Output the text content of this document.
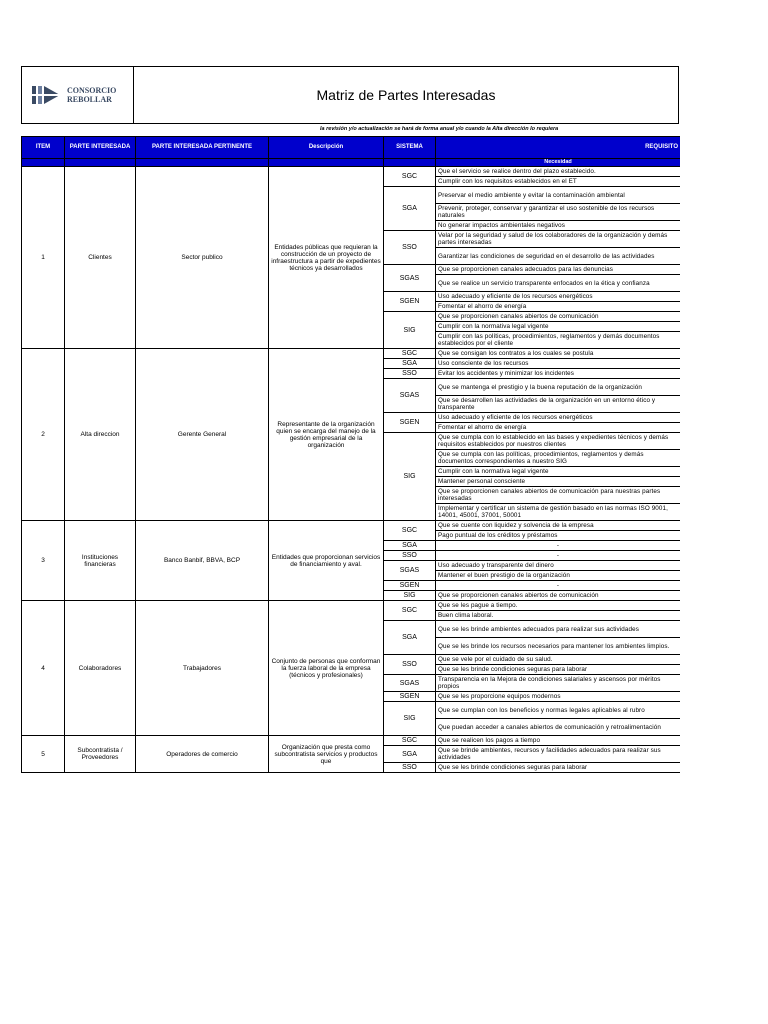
CONSORCIO
REBOLLAR	Matriz de Partes Interesadas
la revisión y/o actualización se hará de forma anual y/o cuando la Alta dirección lo requiera
ITEM	PARTE INTERESADA	PARTE INTERESADA PERTINENTE	Descripción	SISTEMA	REQUISITO

					Necesidad
1	Clientes	Sector publico	Entidades públicas que requieran la construcción de un proyecto de infraestructura a partir de expedientes técnicos ya desarrollados	SGC	Que el servicio se realice dentro del plazo establecido.
					Cumplir con los requisitos establecidos en el ET
				SGA	Preservar el medio ambiente y evitar la contaminación ambiental
					Prevenir, proteger, conservar y garantizar el uso sostenible de los recursos naturales
					No generar impactos ambientales negativos
				SSO	Velar por la seguridad y salud de los colaboradores de la organización y demás partes interesadas
					Garantizar las condiciones de seguridad en el desarrollo de las actividades
				SGAS	Que se proporcionen canales adecuados para las denuncias
					Que se realice un servicio transparente enfocados en la ética y confianza
				SGEN	Uso adecuado y eficiente de los recursos energéticos
					Fomentar el ahorro de energía
				SIG	Que se proporcionen canales abiertos de comunicación
					Cumplir con la normativa legal vigente
					Cumplir con las políticas, procedimientos, reglamentos y demás documentos establecidos por el cliente
2	Alta direccion	Gerente General	Representante de la organización quien se encarga del manejo de la gestión empresarial de la organización	SGC	Que se consigan los contratos a los cuales se postula
				SGA	Uso consciente de los recursos
				SSO	Evitar los accidentes y minimizar los incidentes
				SGAS	Que se mantenga el prestigio y la buena reputación de la organización
					Que se desarrollen las actividades de la organización en un entorno ético y transparente
				SGEN	Uso adecuado y eficiente de los recursos energéticos
					Fomentar el ahorro de energía
				SIG	Que se cumpla con lo establecido en las bases y expedientes técnicos y demás requisitos establecidos por nuestros clientes
					Que se cumpla con las políticas, procedimientos, reglamentos y demás documentos correspondientes a nuestro SIG
					Cumplir con la normativa legal vigente
					Mantener personal consciente
					Que se proporcionen canales abiertos de comunicación para nuestras partes interesadas
					Implementar y certificar un sistema de gestión basado en las normas ISO 9001, 14001, 45001, 37001, 50001
3	Instituciones financieras	Banco Banbif, BBVA, BCP	Entidades que proporcionan servicios de financiamiento y aval.	SGC	Que se cuente con liquidez y solvencia de la empresa
					Pago puntual de los créditos y préstamos
				SGA	-
				SSO	-
				SGAS	Uso adecuado y transparente del dinero
					Mantener el buen prestigio de la organización
				SGEN	-
				SIG	Que se proporcionen canales abiertos de comunicación
4	Colaboradores	Trabajadores	Conjunto de personas que conforman la fuerza laboral de la empresa (técnicos y profesionales)	SGC	Que se les pague a tiempo.
					Buen clima laboral.
				SGA	Que se les brinde ambientes adecuados para realizar sus actividades
					Que se les brinde los recursos necesarios para mantener los ambientes limpios.
				SSO	Que se vele por el cuidado de su salud.
					Que se les brinde condiciones seguras para laborar
				SGAS	Transparencia en la Mejora de condiciones salariales y ascensos por méritos propios
				SGEN	Que se les proporcione equipos modernos
				SIG	Que se cumplan con los beneficios y normas legales aplicables al rubro
					Que puedan acceder a canales abiertos de comunicación y retroalimentación
5	Subcontratista / Proveedores	Operadores de comercio	Organización que presta como subcontratista servicios y productos que	SGC	Que se realicen los pagos a tiempo
				SGA	Que se brinde ambientes, recursos y facilidades adecuados para realizar sus actividades
				SSO	Que se les brinde condiciones seguras para laborar
